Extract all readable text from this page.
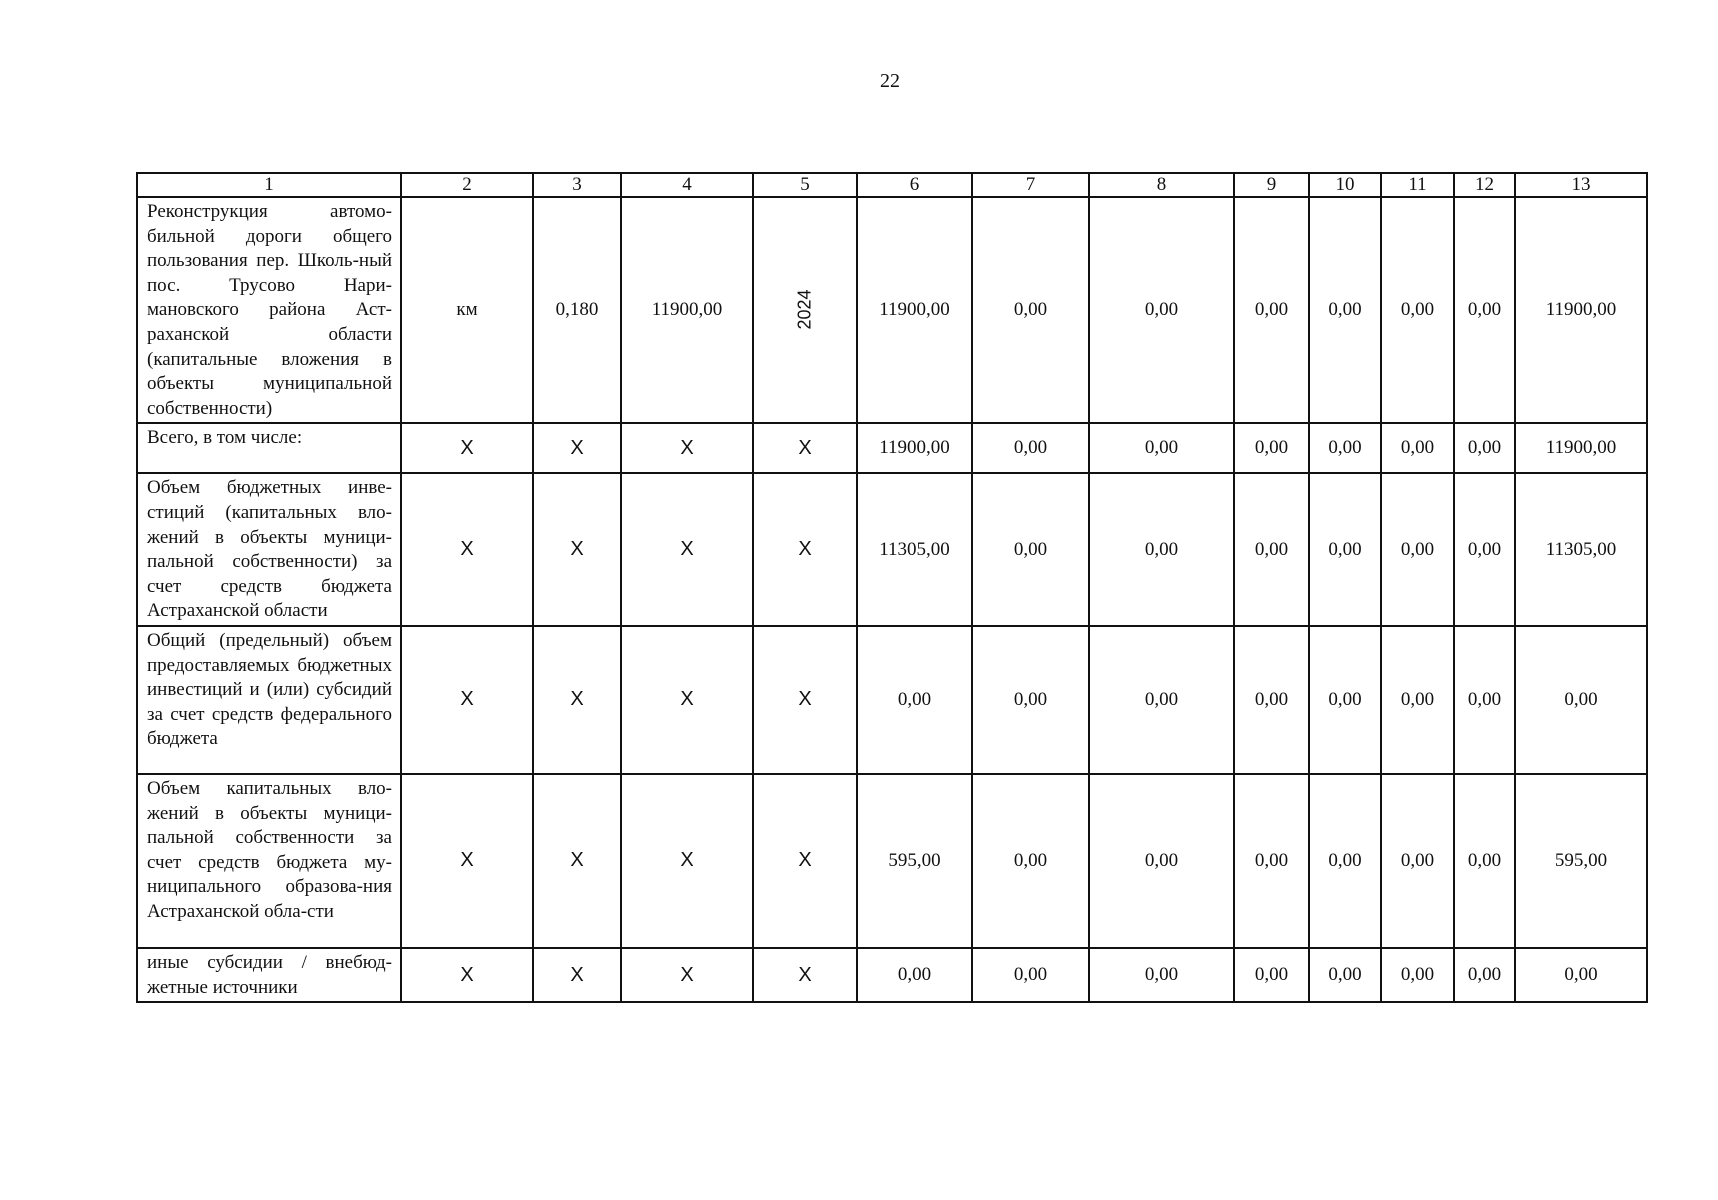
22
1	2	3	4	5	6	7	8	9	10	11	12	13

Реконструкция автомо-бильной дороги общего пользования пер. Школь-ный пос. Трусово Нари-мановского района Аст-раханской области (капитальные вложения в объекты муниципальной собственности)	км	0,180	11900,00	2024	11900,00	0,00	0,00	0,00	0,00	0,00	0,00	11900,00

Всего, в том числе:	X	X	X	X	11900,00	0,00	0,00	0,00	0,00	0,00	0,00	11900,00

Объем бюджетных инве-стиций (капитальных вло-жений в объекты муници-пальной собственности) за счет средств бюджета Астраханской области	X	X	X	X	11305,00	0,00	0,00	0,00	0,00	0,00	0,00	11305,00

Общий (предельный) объем предоставляемых бюджетных инвестиций и (или) субсидий за счет средств федерального бюджета	X	X	X	X	0,00	0,00	0,00	0,00	0,00	0,00	0,00	0,00

Объем капитальных вло-жений в объекты муници-пальной собственности за счет средств бюджета му-ниципального образова-ния Астраханской обла-сти	X	X	X	X	595,00	0,00	0,00	0,00	0,00	0,00	0,00	595,00

иные субсидии / внебюд-жетные источники	X	X	X	X	0,00	0,00	0,00	0,00	0,00	0,00	0,00	0,00
